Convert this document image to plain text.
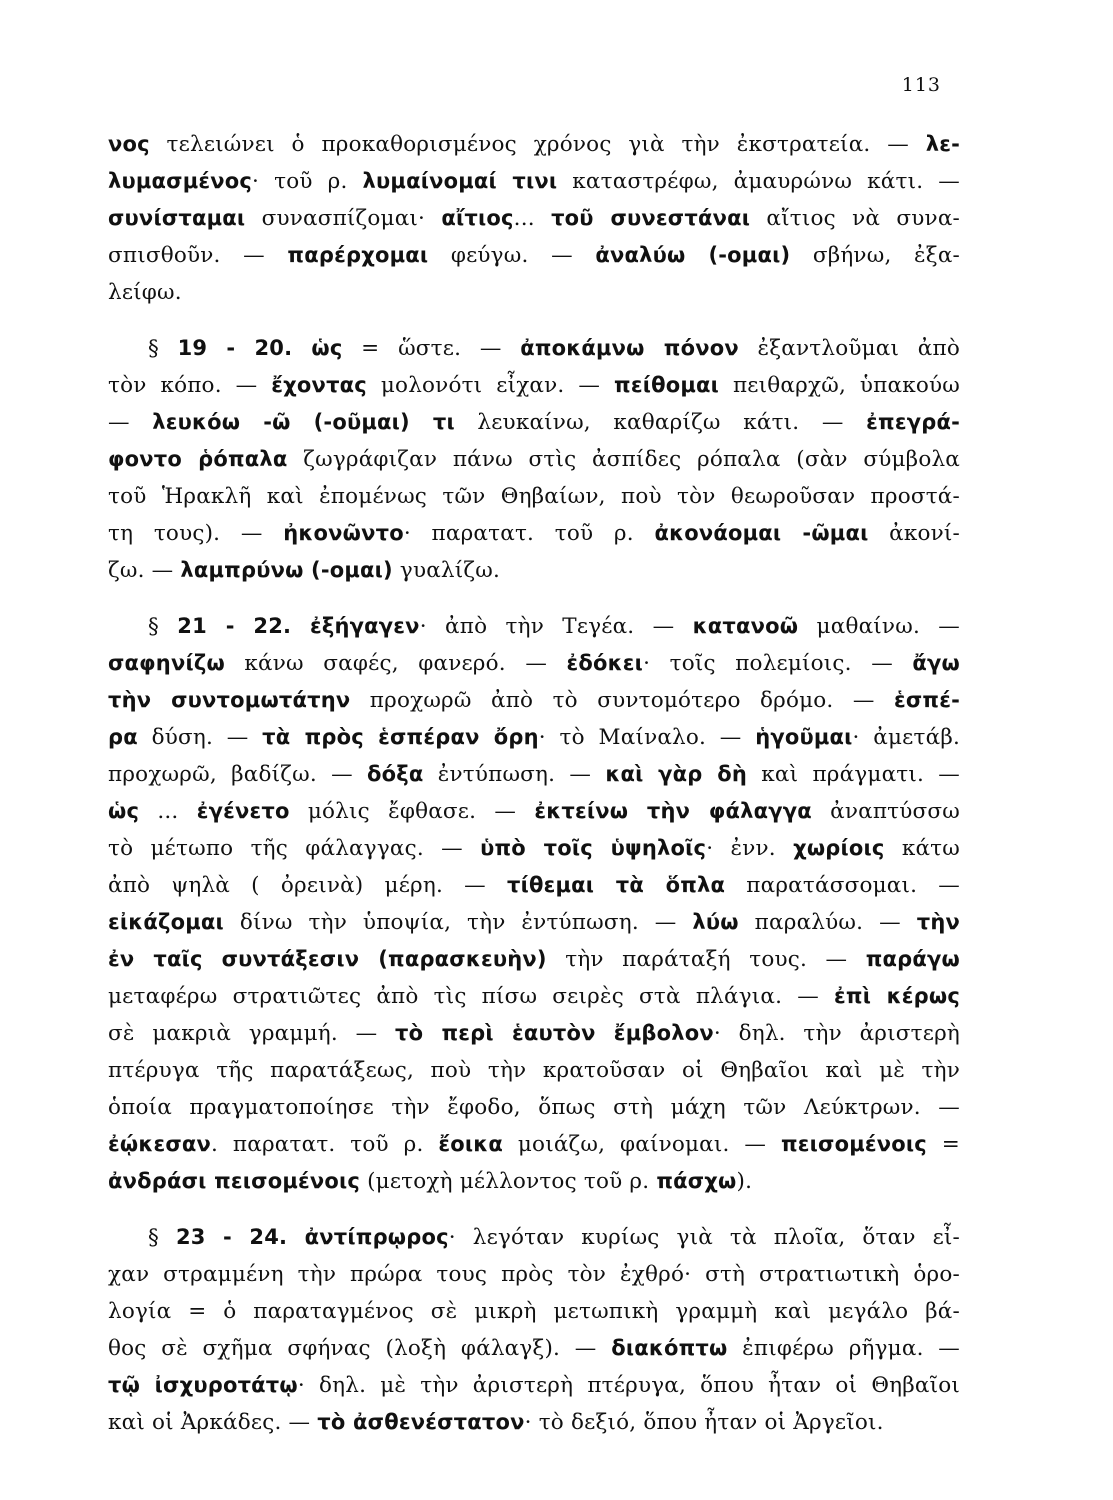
113
νος τελειώνει ὁ προκαθορισμένος χρόνος γιὰ τὴν ἐκστρατεία. — λε-
λυμασμένος· τοῦ ρ. λυμαίνομαί τινι καταστρέφω, ἀμαυρώνω κάτι. —
συνίσταμαι συνασπίζομαι· αἴτιος... τοῦ συνεστάναι αἴτιος νὰ συνα-
σπισθοῦν. — παρέρχομαι φεύγω. — ἀναλύω (-ομαι) σβήνω, ἐξα-
λείφω.
§ 19 - 20. ὡς = ὥστε. — ἀποκάμνω πόνον ἐξαντλοῦμαι ἀπὸ
τὸν κόπο. — ἔχοντας μολονότι εἶχαν. — πείθομαι πειθαρχῶ, ὑπακούω
— λευκόω -ῶ (-οῦμαι) τι λευκαίνω, καθαρίζω κάτι. — ἐπεγρά-
φοντο ῥόπαλα ζωγράφιζαν πάνω στὶς ἀσπίδες ρόπαλα (σὰν σύμβολα
τοῦ Ἡρακλῆ καὶ ἐπομένως τῶν Θηβαίων, ποὺ τὸν θεωροῦσαν προστά-
τη τους). — ἠκονῶντο· παρατατ. τοῦ ρ. ἀκονάομαι -ῶμαι ἀκονί-
ζω. — λαμπρύνω (-ομαι) γυαλίζω.
§ 21 - 22. ἐξήγαγεν· ἀπὸ τὴν Τεγέα. — κατανοῶ μαθαίνω. —
σαφηνίζω κάνω σαφές, φανερό. — ἐδόκει· τοῖς πολεμίοις. — ἄγω
τὴν συντομωτάτην προχωρῶ ἀπὸ τὸ συντομότερο δρόμο. — ἑσπέ-
ρα δύση. — τὰ πρὸς ἑσπέραν ὄρη· τὸ Μαίναλο. — ἡγοῦμαι· ἀμετάβ.
προχωρῶ, βαδίζω. — δόξα ἐντύπωση. — καὶ γὰρ δὴ καὶ πράγματι. —
ὡς ... ἐγένετο μόλις ἔφθασε. — ἐκτείνω τὴν φάλαγγα ἀναπτύσσω
τὸ μέτωπο τῆς φάλαγγας. — ὑπὸ τοῖς ὑψηλοῖς· ἐνν. χωρίοις κάτω
ἀπὸ ψηλὰ ( ὀρεινὰ) μέρη. — τίθεμαι τὰ ὅπλα παρατάσσομαι. —
εἰκάζομαι δίνω τὴν ὑποψία, τὴν ἐντύπωση. — λύω παραλύω. — τὴν
ἐν ταῖς συντάξεσιν (παρασκευὴν) τὴν παράταξή τους. — παράγω
μεταφέρω στρατιῶτες ἀπὸ τὶς πίσω σειρὲς στὰ πλάγια. — ἐπὶ κέρως
σὲ μακριὰ γραμμή. — τὸ περὶ ἑαυτὸν ἔμβολον· δηλ. τὴν ἀριστερὴ
πτέρυγα τῆς παρατάξεως, ποὺ τὴν κρατοῦσαν οἱ Θηβαῖοι καὶ μὲ τὴν
ὁποία πραγματοποίησε τὴν ἔφοδο, ὅπως στὴ μάχη τῶν Λεύκτρων. —
ἐῴκεσαν. παρατατ. τοῦ ρ. ἔοικα μοιάζω, φαίνομαι. — πεισομένοις =
ἀνδράσι πεισομένοις (μετοχὴ μέλλοντος τοῦ ρ. πάσχω).
§ 23 - 24. ἀντίπρῳρος· λεγόταν κυρίως γιὰ τὰ πλοῖα, ὅταν εἶ-
χαν στραμμένη τὴν πρώρα τους πρὸς τὸν ἐχθρό· στὴ στρατιωτικὴ ὁρο-
λογία = ὁ παραταγμένος σὲ μικρὴ μετωπικὴ γραμμὴ καὶ μεγάλο βά-
θος σὲ σχῆμα σφήνας (λοξὴ φάλαγξ). — διακόπτω ἐπιφέρω ρῆγμα. —
τῷ ἰσχυροτάτῳ· δηλ. μὲ τὴν ἀριστερὴ πτέρυγα, ὅπου ἦταν οἱ Θηβαῖοι
καὶ οἱ Ἀρκάδες. — τὸ ἀσθενέστατον· τὸ δεξιό, ὅπου ἦταν οἱ Ἀργεῖοι.
